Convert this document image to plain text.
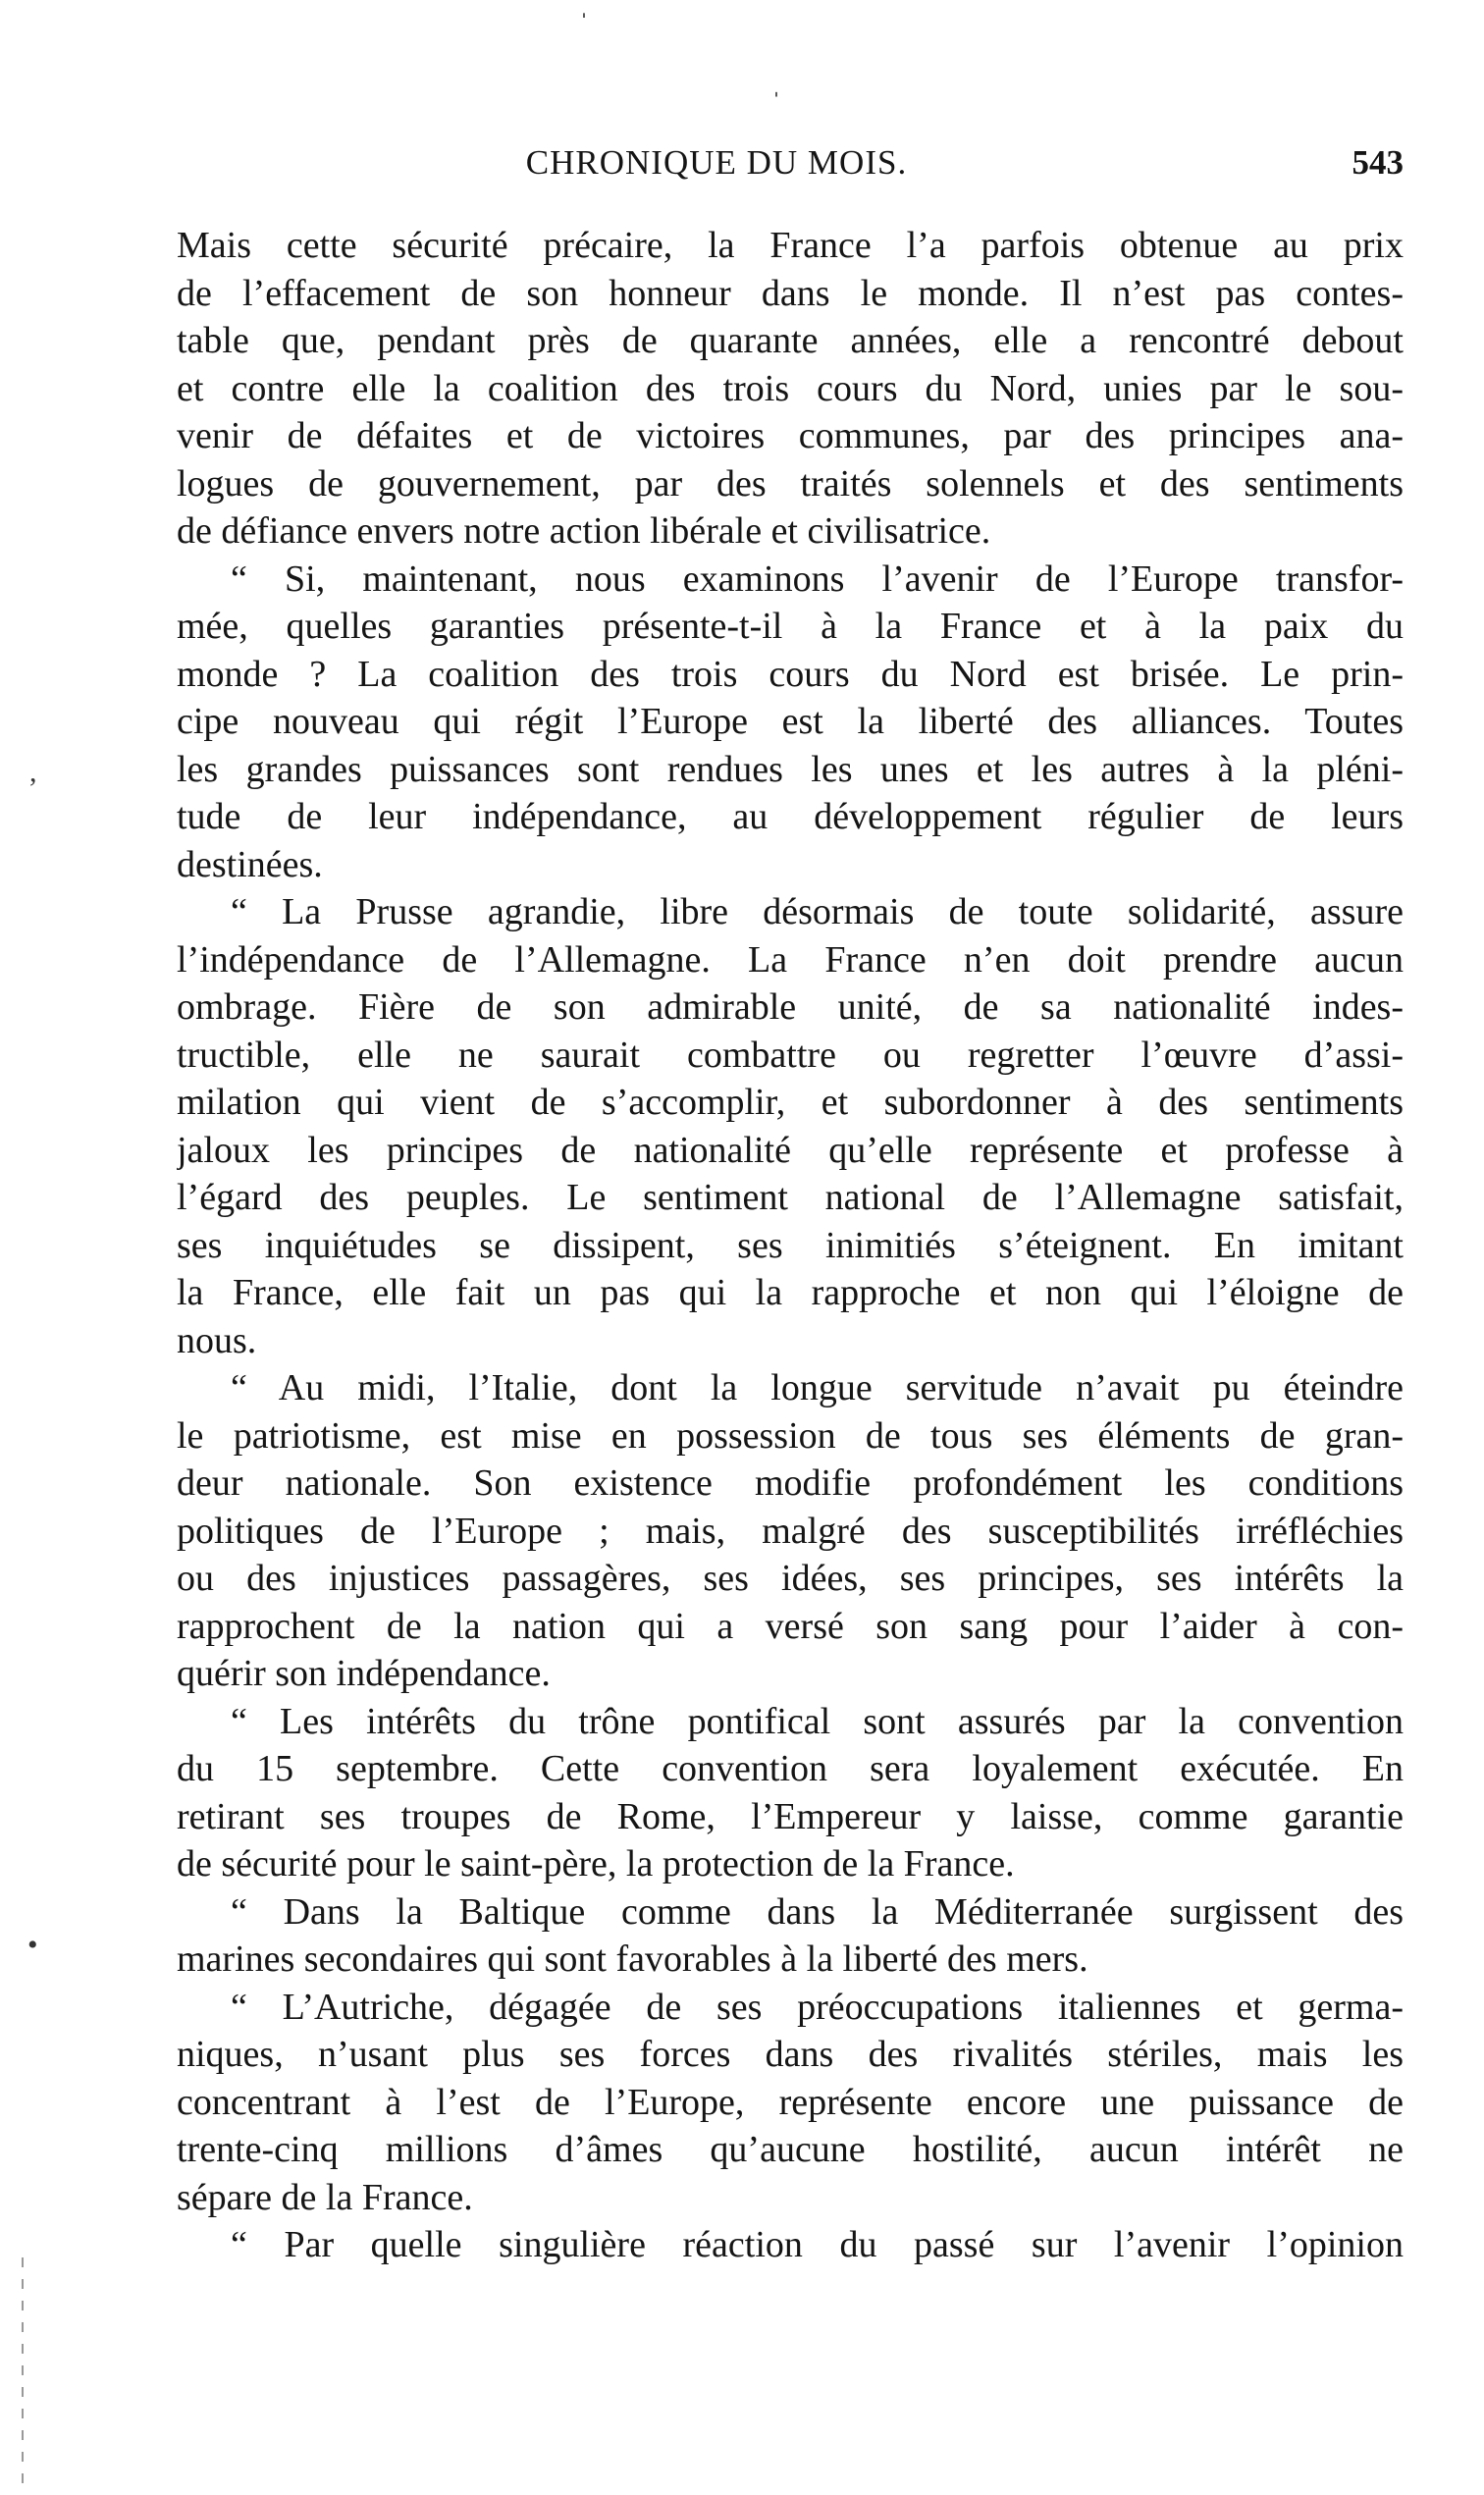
CHRONIQUE DU MOIS.	543
Mais cette sécurité précaire, la France l’a parfois obtenue au prix
de l’effacement de son honneur dans le monde. Il n’est pas contes-
table que, pendant près de quarante années, elle a rencontré debout
et contre elle la coalition des trois cours du Nord, unies par le sou-
venir de défaites et de victoires communes, par des principes ana-
logues de gouvernement, par des traités solennels et des sentiments
de défiance envers notre action libérale et civilisatrice.
“ Si, maintenant, nous examinons l’avenir de l’Europe transfor-
mée, quelles garanties présente-t-il à la France et à la paix du
monde ? La coalition des trois cours du Nord est brisée. Le prin-
cipe nouveau qui régit l’Europe est la liberté des alliances. Toutes
les grandes puissances sont rendues les unes et les autres à la pléni-
tude de leur indépendance, au développement régulier de leurs
destinées.
“ La Prusse agrandie, libre désormais de toute solidarité, assure
l’indépendance de l’Allemagne. La France n’en doit prendre aucun
ombrage. Fière de son admirable unité, de sa nationalité indes-
tructible, elle ne saurait combattre ou regretter l’œuvre d’assi-
milation qui vient de s’accomplir, et subordonner à des sentiments
jaloux les principes de nationalité qu’elle représente et professe à
l’égard des peuples. Le sentiment national de l’Allemagne satisfait,
ses inquiétudes se dissipent, ses inimitiés s’éteignent. En imitant
la France, elle fait un pas qui la rapproche et non qui l’éloigne de
nous.
“ Au midi, l’Italie, dont la longue servitude n’avait pu éteindre
le patriotisme, est mise en possession de tous ses éléments de gran-
deur nationale. Son existence modifie profondément les conditions
politiques de l’Europe ; mais, malgré des susceptibilités irréfléchies
ou des injustices passagères, ses idées, ses principes, ses intérêts la
rapprochent de la nation qui a versé son sang pour l’aider à con-
quérir son indépendance.
“ Les intérêts du trône pontifical sont assurés par la convention
du 15 septembre. Cette convention sera loyalement exécutée. En
retirant ses troupes de Rome, l’Empereur y laisse, comme garantie
de sécurité pour le saint-père, la protection de la France.
“ Dans la Baltique comme dans la Méditerranée surgissent des
marines secondaires qui sont favorables à la liberté des mers.
“ L’Autriche, dégagée de ses préoccupations italiennes et germa-
niques, n’usant plus ses forces dans des rivalités stériles, mais les
concentrant à l’est de l’Europe, représente encore une puissance de
trente-cinq millions d’âmes qu’aucune hostilité, aucun intérêt ne
sépare de la France.
“ Par quelle singulière réaction du passé sur l’avenir l’opinion
ˈ
ˌ
,
•
